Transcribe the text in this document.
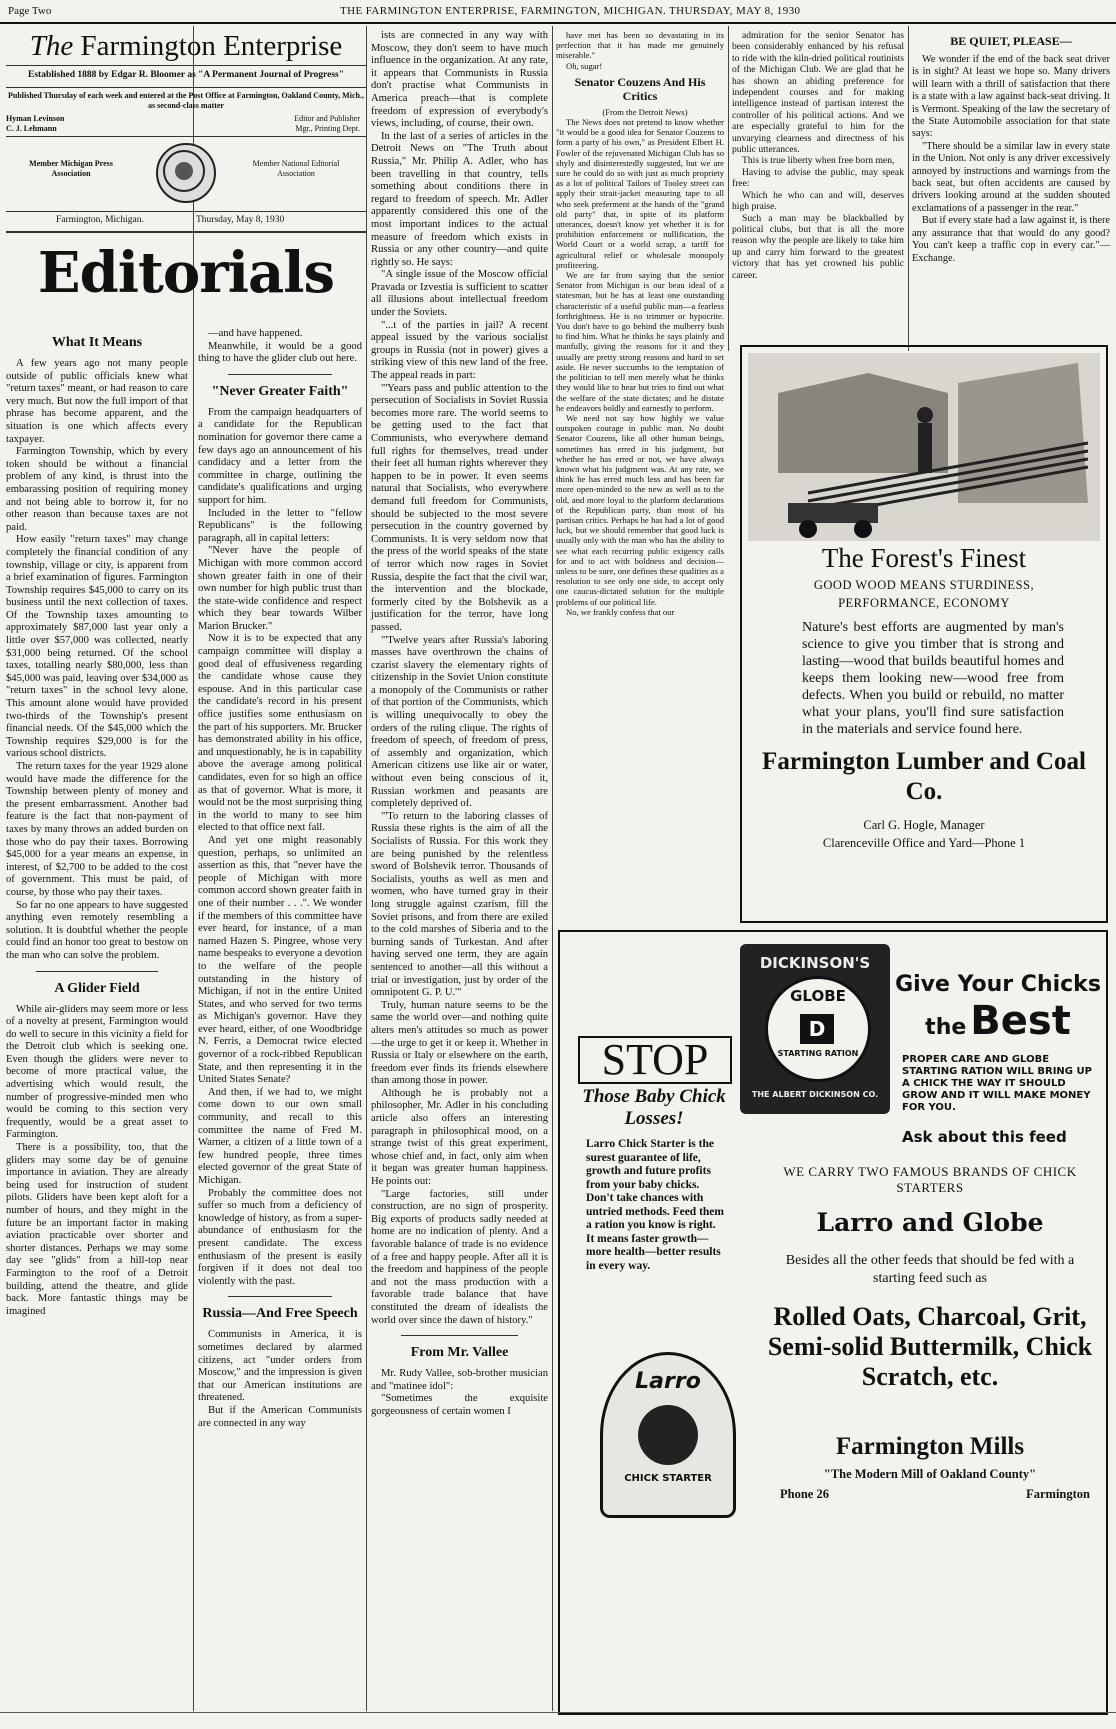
Page Two	THE FARMINGTON ENTERPRISE, FARMINGTON, MICHIGAN. THURSDAY, MAY 8, 1930
The Farmington Enterprise
Established 1888 by Edgar R. Bloomer as "A Permanent Journal of Progress"
Published Thursday of each week and entered at the Post Office at Farmington, Oakland County, Mich., as second-class matter
Hyman Levinson	Editor and Publisher
C. J. Lehmann	Mgr., Printing Dept.
Member Michigan Press Association
Member National Editorial Association
Farmington, Michigan.	Thursday, May 8, 1930
Editorials
What It Means

A few years ago not many people outside of public officials knew what "return taxes" meant, or had reason to care very much. But now the full import of that phrase has become apparent, and the situation is one which affects every taxpayer.

Farmington Township, which by every token should be without a financial problem of any kind, is thrust into the embarassing position of requiring money and not being able to borrow it, for no other reason than because taxes are not paid.

How easily "return taxes" may change completely the financial condition of any township, village or city, is apparent from a brief examination of figures. Farmington Township requires $45,000 to carry on its business until the next collection of taxes. Of the Township taxes amounting to approximately $87,000 last year only a little over $57,000 was collected, nearly $31,000 being returned. Of the school taxes, totalling nearly $80,000, less than $45,000 was paid, leaving over $34,000 as "return taxes" in the school levy alone. This amount alone would have provided two-thirds of the Township's present financial needs. Of the $45,000 which the Township requires $29,000 is for the various school districts.

The return taxes for the year 1929 alone would have made the difference for the Township between plenty of money and the present embarrassment. Another bad feature is the fact that non-payment of taxes by many throws an added burden on those who do pay their taxes. Borrowing $45,000 for a year means an expense, in interest, of $2,700 to be added to the cost of government. This must be paid, of course, by those who pay their taxes.

So far no one appears to have suggested anything even remotely resembling a solution. It is doubtful whether the people could find an honor too great to bestow on the man who can solve the problem.

A Glider Field

While air-gliders may seem more or less of a novelty at present, Farmington would do well to secure in this vicinity a field for the Detroit club which is seeking one. Even though the gliders were never to become of more practical value, the advertising which would result, the number of progressive-minded men who would be coming to this section very frequently, would be a great asset to Farmington.

There is a possibility, too, that the gliders may some day be of genuine importance in aviation. They are already being used for instruction of student pilots. Gliders have been kept aloft for a number of hours, and they might in the future be an important factor in making aviation practicable over shorter and shorter distances. Perhaps we may some day see "glids" from a hill-top near Farmington to the roof of a Detroit building, attend the theatre, and glide back. More fantastic things may be imagined

—and have happened.

Meanwhile, it would be a good thing to have the glider club out here.

"Never Greater Faith"

From the campaign headquarters of a candidate for the Republican nomination for governor there came a few days ago an announcement of his candidacy and a letter from the committee in charge, outlining the candidate's qualifications and urging support for him.

Included in the letter to "fellow Republicans" is the following paragraph, all in capital letters:

"Never have the people of Michigan with more common accord shown greater faith in one of their own number for high public trust than the state-wide confidence and respect which they bear towards Wilber Marion Brucker."

Now it is to be expected that any campaign committee will display a good deal of effusiveness regarding the candidate whose cause they espouse. And in this particular case the candidate's record in his present office justifies some enthusiasm on the part of his supporters. Mr. Brucker has demonstrated ability in his office, and unquestionably, he is in capability above the average among political candidates, even for so high an office as that of governor. What is more, it would not be the most surprising thing in the world to many to see him elected to that office next fall.

And yet one might reasonably question, perhaps, so unlimited an assertion as this, that "never have the people of Michigan with more common accord shown greater faith in one of their number . . .". We wonder if the members of this committee have ever heard, for instance, of a man named Hazen S. Pingree, whose very name bespeaks to everyone a devotion to the welfare of the people outstanding in the history of Michigan, if not in the entire United States, and who served for two terms as Michigan's governor. Have they ever heard, either, of one Woodbridge N. Ferris, a Democrat twice elected governor of a rock-ribbed Republican State, and then representing it in the United States Senate?

And then, if we had to, we might come down to our own small community, and recall to this committee the name of Fred M. Warner, a citizen of a little town of a few hundred people, three times elected governor of the great State of Michigan.

Probably the committee does not suffer so much from a deficiency of knowledge of history, as from a super-abundance of enthusiasm for the present candidate. The excess enthusiasm of the present is easily forgiven if it does not deal too violently with the past.

Russia—And Free Speech

Communists in America, it is sometimes declared by alarmed citizens, act "under orders from Moscow," and the impression is given that our American institutions are threatened.

But if the American Communists are connected in any way

ists are connected in any way with Moscow, they don't seem to have much influence in the organization. At any rate, it appears that Communists in Russia don't practise what Communists in America preach—that is complete freedom of expression of everybody's views, including, of course, their own.

In the last of a series of articles in the Detroit News on "The Truth about Russia," Mr. Philip A. Adler, who has been travelling in that country, tells something about conditions there in regard to freedom of speech. Mr. Adler apparently considered this one of the most important indices to the actual measure of freedom which exists in Russia or any other country—and quite rightly so. He says:

"A single issue of the Moscow official Pravada or Izvestia is sufficient to scatter all illusions about intellectual freedom under the Soviets.

"...t of the parties in jail? A recent appeal issued by the various socialist groups in Russia (not in power) gives a striking view of this new land of the free. The appeal reads in part:

"'Years pass and public attention to the persecution of Socialists in Soviet Russia becomes more rare. The world seems to be getting used to the fact that Communists, who everywhere demand full rights for themselves, tread under their feet all human rights wherever they happen to be in power. It even seems natural that Socialists, who everywhere demand full freedom for Communists, should be subjected to the most severe persecution in the country governed by Communists. It is very seldom now that the press of the world speaks of the state of terror which now rages in Soviet Russia, despite the fact that the civil war, the intervention and the blockade, formerly cited by the Bolshevik as a justification for the terror, have long passed.

"'Twelve years after Russia's laboring masses have overthrown the chains of czarist slavery the elementary rights of citizenship in the Soviet Union constitute a monopoly of the Communists or rather of that portion of the Communists, which is willing unequivocally to obey the orders of the ruling clique. The rights of freedom of speech, of freedom of press, of assembly and organization, which American citizens use like air or water, without even being conscious of it, Russian workmen and peasants are completely deprived of.

"'To return to the laboring classes of Russia these rights is the aim of all the Socialists of Russia. For this work they are being punished by the relentless sword of Bolshevik terror. Thousands of Socialists, youths as well as men and women, who have turned gray in their long struggle against czarism, fill the Soviet prisons, and from there are exiled to the cold marshes of Siberia and to the burning sands of Turkestan. And after having served one term, they are again sentenced to another—all this without a trial or investigation, just by order of the omnipotent G. P. U.'"

Truly, human nature seems to be the same the world over—and nothing quite alters men's attitudes so much as power—the urge to get it or keep it. Whether in Russia or Italy or elsewhere on the earth, freedom ever finds its friends elsewhere than among those in power.

Although he is probably not a philosopher, Mr. Adler in his concluding article also offers an interesting paragraph in philosophical mood, on a strange twist of this great experiment, whose chief and, in fact, only aim when it began was greater human happiness. He points out:

"Large factories, still under construction, are no sign of prosperity. Big exports of products sadly needed at home are no indication of plenty. And a favorable balance of trade is no evidence of a free and happy people. After all it is the freedom and happiness of the people and not the mass production with a favorable trade balance that have constituted the dream of idealists the world over since the dawn of history."

From Mr. Vallee

Mr. Rudy Vallee, sob-brother musician and "matinee idol":

"Sometimes the exquisite gorgeousness of certain women I

have met has been so devastating in its perfection that it has made me genuinely miserable."

Oh, sugar!

Senator Couzens And His Critics

(From the Detroit News)

The News does not pretend to know whether "it would be a good idea for Senator Couzens to form a party of his own," as President Elbert H. Fowler of the rejuvenated Michigan Club has so shyly and disinterestedly suggested, but we are sure he could do so with just as much propriety as a lot of political Tailors of Tooley street can apply their strait-jacket measuring tape to all who seek preferment at the hands of the "grand old party" that, in spite of its platform utterances, doesn't know yet whether it is for prohibition enforcement or nullification, the World Court or a world scrap, a tariff for agricultural relief or wholesale monopoly profiteering.

We are far from saying that the senior Senator from Michigan is our beau ideal of a statesman, but he has at least one outstanding characteristic of a useful public man—a fearless forthrightness. He is no trimmer or hypocrite. You don't have to go behind the mulberry bush to find him. What he thinks he says plainly and manfully, giving the reasons for it and they usually are pretty strong reasons and hard to set aside. He never succumbs to the temptation of the politician to tell men merely what he thinks they would like to hear but tries to find out what the welfare of the state dictates; and he distate he endeavors boldly and earnestly to perform.

We need not say how highly we value outspoken courage in public man. No doubt Senator Couzens, like all other human beings, sometimes has erred in his judgment, but whether he has erred or not, we have always known what his judgment was. At any rate, we think he has erred much less and has been far more open-minded to the new as well as to the old, and more loyal to the platform declarations of the Republican party, than most of his partisan critics. Perhaps he has had a lot of good luck, but we should remember that good luck is usually only with the man who has the ability to see what each recurring public exigency calls for and to act with boldness and decision—unless to be sure, one defines these qualities as a resolution to see only one side, to accept only one caucus-dictated solution for the multiple problems of our political life.

No, we frankly confess that our

admiration for the senior Senator has been considerably enhanced by his refusal to ride with the kiln-dried political routinists of the Michigan Club. We are glad that he has shown an abiding preference for independent courses and for making intelligence instead of partisan interest the controller of his political actions. And we are especially grateful to him for the unvarying clearness and directness of his public utterances.

This is true liberty when free born men,

Having to advise the public, may speak free:

Which he who can and will, deserves high praise.

Such a man may be blackballed by political clubs, but that is all the more reason why the people are likely to take him up and carry him forward to the greatest victory that has yet crowned his public career.

BE QUIET, PLEASE—

We wonder if the end of the back seat driver is in sight? At least we hope so. Many drivers will learn with a thrill of satisfaction that there is a state with a law against back-seat driving. It is Vermont. Speaking of the law the secretary of the State Automobile association for that state says:

"There should be a similar law in every state in the Union. Not only is any driver excessively annoyed by instructions and warnings from the back seat, but often accidents are caused by drivers looking around at the sudden shouted exclamations of a passenger in the rear."

But if every state had a law against it, is there any assurance that that would do any good? You can't keep a traffic cop in every car."—Exchange.

The Forest's Finest
GOOD WOOD MEANS STURDINESS,
PERFORMANCE, ECONOMY
Nature's best efforts are augmented by man's science to give you timber that is strong and lasting—wood that builds beautiful homes and keeps them looking new—wood free from defects. When you build or rebuild, no matter what your plans, you'll find sure satisfaction in the materials and service found here.
Farmington Lumber and Coal Co.
Carl G. Hogle, Manager
Clarenceville Office and Yard—Phone 1
DICKINSON'S
GLOBE
D
STARTING RATION
THE ALBERT DICKINSON CO.
Give Your Chicks
the Best
PROPER CARE AND GLOBE STARTING RATION WILL BRING UP A CHICK THE WAY IT SHOULD GROW AND IT WILL MAKE MONEY FOR YOU.
Ask about this feed
STOP
Those Baby Chick Losses!
Larro Chick Starter is the surest guarantee of life, growth and future profits from your baby chicks. Don't take chances with untried methods. Feed them a ration you know is right. It means faster growth—more health—better results in every way.
Larro
CHICK STARTER
WE CARRY TWO FAMOUS BRANDS OF CHICK STARTERS
Larro and Globe
Besides all the other feeds that should be fed with a starting feed such as
Rolled Oats, Charcoal, Grit, Semi-solid Buttermilk, Chick Scratch, etc.
Farmington Mills
"The Modern Mill of Oakland County"
Phone 26	Farmington
